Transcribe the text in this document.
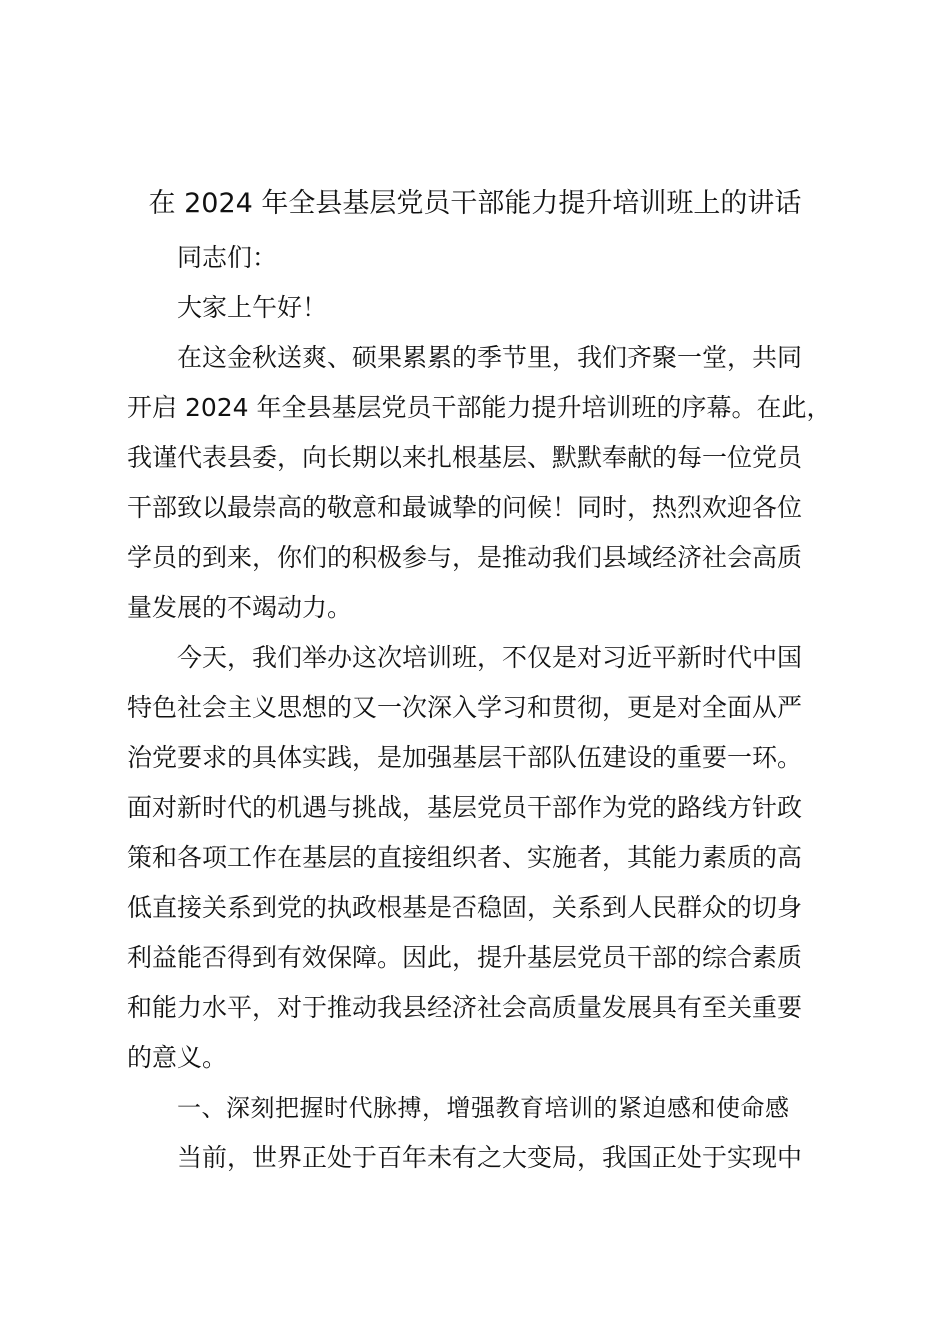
在 2024 年全县基层党员干部能力提升培训班上的讲话
同志们：
大家上午好！
在这金秋送爽、硕果累累的季节里，我们齐聚一堂，共同
开启 2024 年全县基层党员干部能力提升培训班的序幕。在此，
我谨代表县委，向长期以来扎根基层、默默奉献的每一位党员
干部致以最崇高的敬意和最诚挚的问候！同时，热烈欢迎各位
学员的到来，你们的积极参与，是推动我们县域经济社会高质
量发展的不竭动力。
今天，我们举办这次培训班，不仅是对习近平新时代中国
特色社会主义思想的又一次深入学习和贯彻，更是对全面从严
治党要求的具体实践，是加强基层干部队伍建设的重要一环。
面对新时代的机遇与挑战，基层党员干部作为党的路线方针政
策和各项工作在基层的直接组织者、实施者，其能力素质的高
低直接关系到党的执政根基是否稳固，关系到人民群众的切身
利益能否得到有效保障。因此，提升基层党员干部的综合素质
和能力水平，对于推动我县经济社会高质量发展具有至关重要
的意义。
一、深刻把握时代脉搏，增强教育培训的紧迫感和使命感
当前，世界正处于百年未有之大变局，我国正处于实现中
